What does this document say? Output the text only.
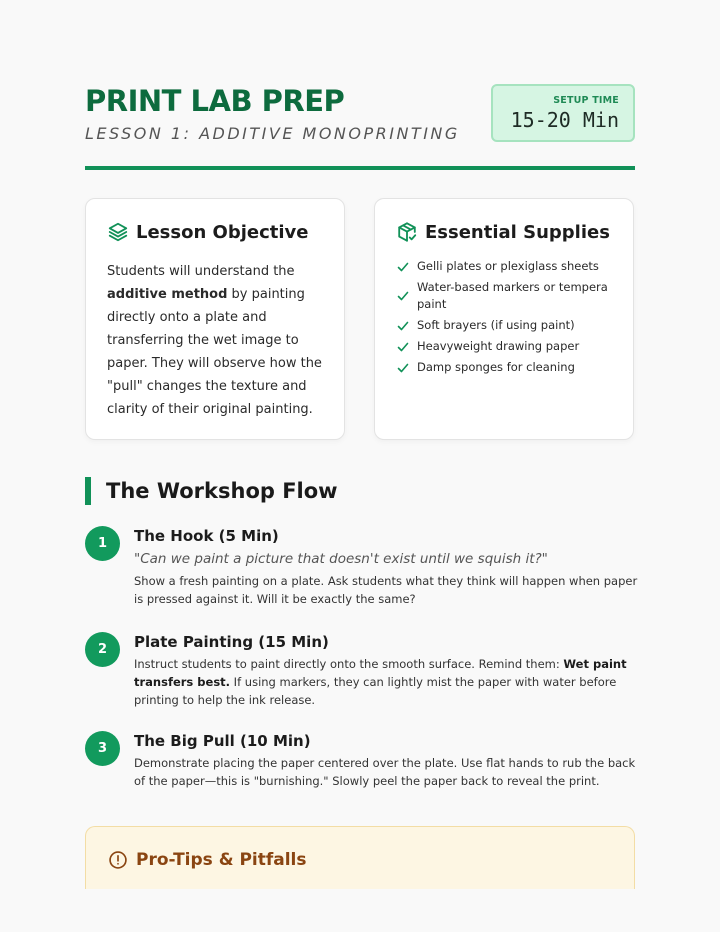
PRINT LAB PREP
LESSON 1: ADDITIVE MONOPRINTING
SETUP TIME
15-20 Min
Lesson Objective
Students will understand the additive method by painting directly onto a plate and transferring the wet image to paper. They will observe how the "pull" changes the texture and clarity of their original painting.
Essential Supplies
Gelli plates or plexiglass sheets
Water-based markers or tempera paint
Soft brayers (if using paint)
Heavyweight drawing paper
Damp sponges for cleaning
The Workshop Flow
1	The Hook (5 Min)
"Can we paint a picture that doesn't exist until we squish it?"
Show a fresh painting on a plate. Ask students what they think will happen when paper is pressed against it. Will it be exactly the same?
2	Plate Painting (15 Min)
Instruct students to paint directly onto the smooth surface. Remind them: Wet paint transfers best. If using markers, they can lightly mist the paper with water before printing to help the ink release.
3	The Big Pull (10 Min)
Demonstrate placing the paper centered over the plate. Use flat hands to rub the back of the paper—this is "burnishing." Slowly peel the paper back to reveal the print.
Pro-Tips & Pitfalls
